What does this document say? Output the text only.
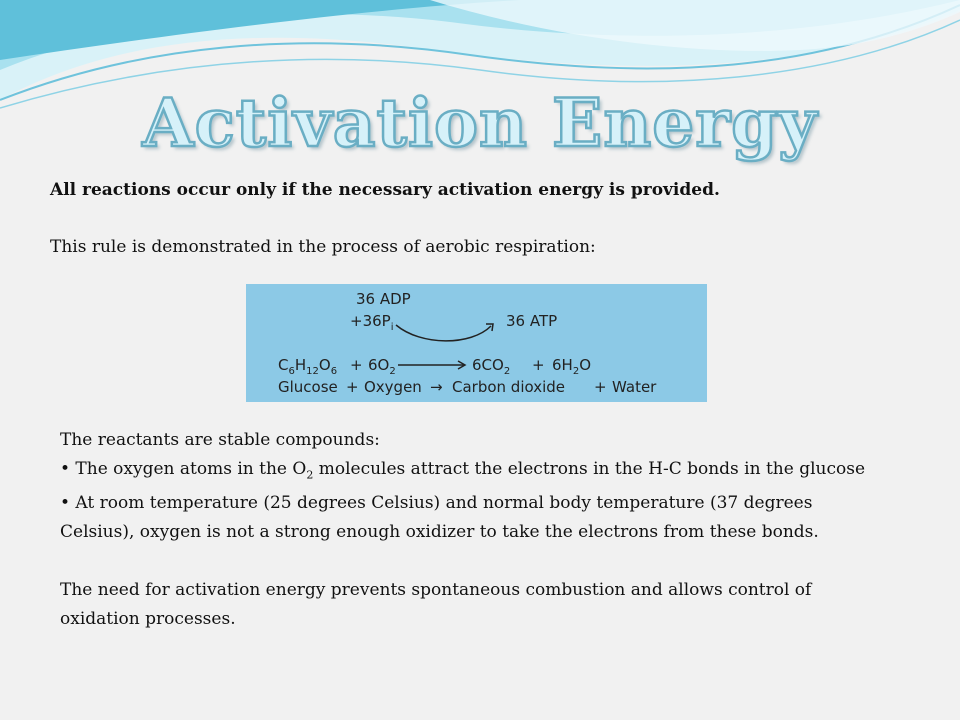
Activation Energy
All reactions occur only if the necessary activation energy is provided.
This rule is demonstrated in the process of aerobic respiration:
36 ADP
$+36P_i$	36 ATP
$C_6H_{12}O_6 + 6O_2$	$6CO_2 + 6H_2O$
Glucose + Oxygen → Carbon dioxide + Water

The reactants are stable compounds:

• The oxygen atoms in the $O_2$ molecules attract the electrons in the H-C bonds in the glucose

• At room temperature (25 degrees Celsius) and normal body temperature (37 degrees Celsius), oxygen is not a strong enough oxidizer to take the electrons from these bonds.

The need for activation energy prevents spontaneous combustion and allows control of oxidation processes.
